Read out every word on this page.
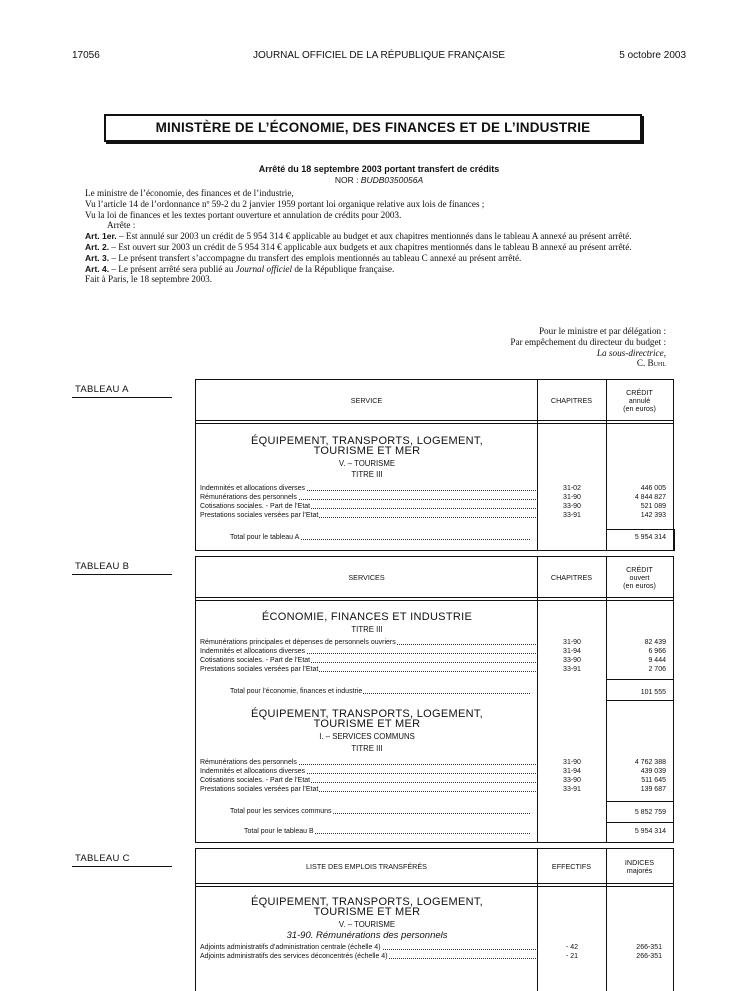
17056	JOURNAL OFFICIEL DE LA RÉPUBLIQUE FRANÇAISE	5 octobre 2003
MINISTÈRE DE L’ÉCONOMIE, DES FINANCES ET DE L’INDUSTRIE
Arrêté du 18 septembre 2003 portant transfert de crédits
NOR : BUDB0350056A

Le ministre de l’économie, des finances et de l’industrie,

Vu l’article 14 de l’ordonnance nº 59-2 du 2 janvier 1959 portant loi organique relative aux lois de finances ;

Vu la loi de finances et les textes portant ouverture et annulation de crédits pour 2003.

Arrête :

Art. 1er. – Est annulé sur 2003 un crédit de 5 954 314 € applicable au budget et aux chapitres mentionnés dans le tableau A annexé au présent arrêté.

Art. 2. – Est ouvert sur 2003 un crédit de 5 954 314 € applicable aux budgets et aux chapitres mentionnés dans le tableau B annexé au présent arrêté.

Art. 3. – Le présent transfert s’accompagne du transfert des emplois mentionnés au tableau C annexé au présent arrêté.

Art. 4. – Le présent arrêté sera publié au Journal officiel de la République française.

Fait à Paris, le 18 septembre 2003.

Pour le ministre et par délégation :
Par empêchement du directeur du budget :
La sous-directrice,
C. Buhl
TABLEAU A
SERVICE	CHAPITRES
CRÉDIT
annulé
(en euros)
ÉQUIPEMENT, TRANSPORTS, LOGEMENT,
TOURISME ET MER
V. – TOURISME
TITRE III
Indemnités et allocations diverses	31-02	446 005
Rémunérations des personnels	31-90	4 844 827
Cotisations sociales. - Part de l’Etat	33-90	521 089
Prestations sociales versées par l’Etat	33-91	142 393
Total pour le tableau A	5 954 314
TABLEAU B
SERVICES	CHAPITRES
CRÉDIT
ouvert
(en euros)
ÉCONOMIE, FINANCES ET INDUSTRIE
TITRE III
Rémunérations principales et dépenses de personnels ouvriers	31-90	82 439
Indemnités et allocations diverses	31-94	6 966
Cotisations sociales. - Part de l’Etat	33-90	9 444
Prestations sociales versées par l’Etat	33-91	2 706
Total pour l’économie, finances et industrie	101 555
ÉQUIPEMENT, TRANSPORTS, LOGEMENT,
TOURISME ET MER
I. – SERVICES COMMUNS
TITRE III
Rémunérations des personnels	31-90	4 762 388
Indemnités et allocations diverses	31-94	439 039
Cotisations sociales. - Part de l’Etat	33-90	511 645
Prestations sociales versées par l’Etat	33-91	139 687
Total pour les services communs	5 852 759
Total pour le tableau B	5 954 314
TABLEAU C
LISTE DES EMPLOIS TRANSFÉRÉS	EFFECTIFS	INDICES
majorés
ÉQUIPEMENT, TRANSPORTS, LOGEMENT,
TOURISME ET MER
V. – TOURISME
31-90. Rémunérations des personnels
Adjoints administratifs d’administration centrale (échelle 4)	- 42	266-351
Adjoints administratifs des services déconcentrés (échelle 4)	- 21	266-351
